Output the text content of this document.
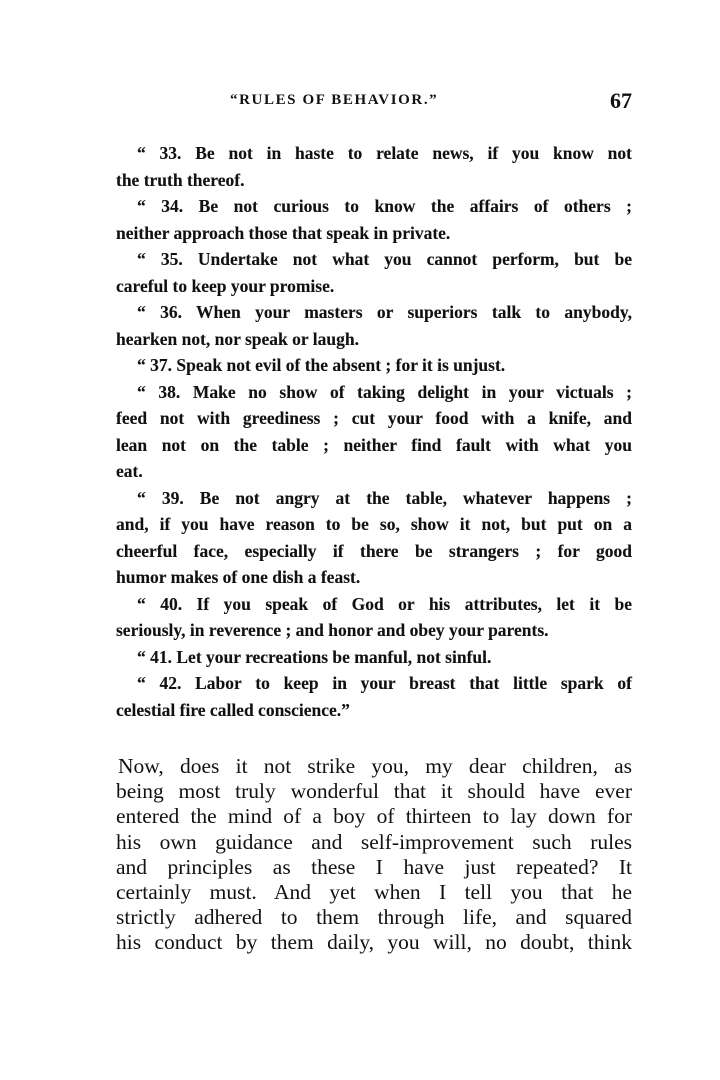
“RULES OF BEHAVIOR.”	67
“ 33. Be not in haste to relate news, if you know not
the truth thereof.
“ 34. Be not curious to know the affairs of others ;
neither approach those that speak in private.
“ 35. Undertake not what you cannot perform, but be
careful to keep your promise.
“ 36. When your masters or superiors talk to anybody,
hearken not, nor speak or laugh.
“ 37. Speak not evil of the absent ; for it is unjust.
“ 38. Make no show of taking delight in your victuals ;
feed not with greediness ; cut your food with a knife, and
lean not on the table ; neither find fault with what you
eat.
“ 39. Be not angry at the table, whatever happens ;
and, if you have reason to be so, show it not, but put on a
cheerful face, especially if there be strangers ; for good
humor makes of one dish a feast.
“ 40. If you speak of God or his attributes, let it be
seriously, in reverence ; and honor and obey your parents.
“ 41. Let your recreations be manful, not sinful.
“ 42. Labor to keep in your breast that little spark of
celestial fire called conscience.”
Now, does it not strike you, my dear children, as
being most truly wonderful that it should have ever
entered the mind of a boy of thirteen to lay down for
his own guidance and self-improvement such rules
and principles as these I have just repeated? It
certainly must. And yet when I tell you that he
strictly adhered to them through life, and squared
his conduct by them daily, you will, no doubt, think
